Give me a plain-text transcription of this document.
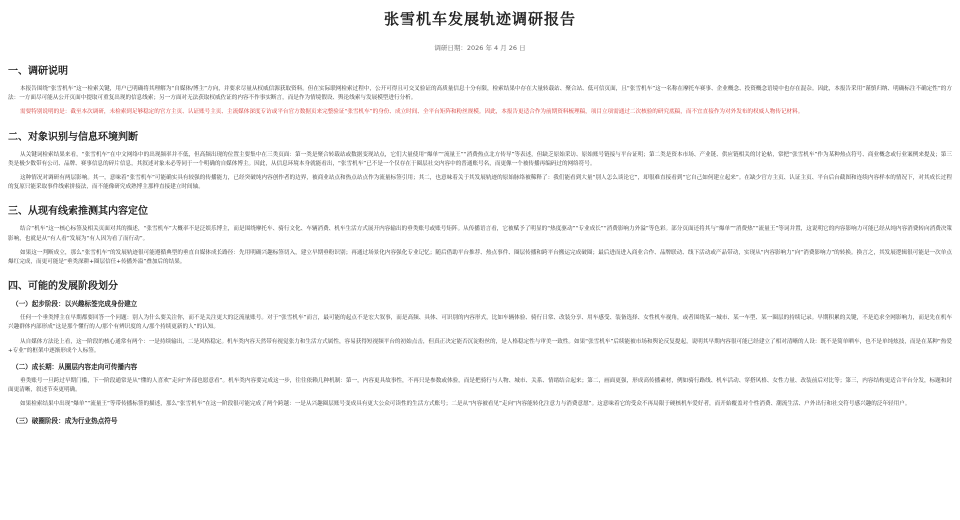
张雪机车发展轨迹调研报告
调研日期：2026 年 4 月 26 日
一、调研说明

本报告围绕“张雪机车”这一检索关键，用户已明确将其理解为“自媒体/博主”方向，并要求尽量从权威信源获取资料。但在实际联网检索过程中，公开可得且可交叉验证的高质量信息十分有限，检索结果中存在大量转载站、聚合站、低可信页面，且“张雪机车”这一名称在摩托车赛事、企业概念、投资概念语境中也存在混杂。因此，本报告采用“谨慎归纳、明确标注不确定性”的方法：一方面尽可能从公开页面中提取可重复出现的信息线索；另一方面对无法获取权威佐证的内容不作事实断言，而是作为情境假设、舆论线索与发展模型进行分析。

需要特别说明的是：截至本次调研，未检索到足够稳定的官方主页、认证账号主页、主流媒体深度专访或平台官方数据页来完整验证“张雪机车”的身份、成立时间、全平台矩阵和粉丝规模。因此，本报告更适合作为前期资料梳理稿，项目立项需通过二次核验的研究底稿，而不宜直接作为对外发布的权威人物传记材料。

二、对象识别与信息环境判断

从关键词检索结果来看，“张雪机车”在中文网络中的出现频率并不低，但高频出现的位置主要集中在三类页面：第一类是聚合转载站或数据变现站点，它们大量使用“爆单”“流量王”“消费热点北方传导”等表述，但缺乏原始采访、原始账号链接与平台证明；第二类是资本市场、产业链、供应链相关的讨论帖，常把“张雪机车”作为某种热点符号、商业概念或行业案例来提及；第三类是极少数带有公司、品牌、赛事信息的碎片信息，其叙述对象未必等同于一个明确的自媒体博主。因此，从信息环境本身就能看出，“张雪机车”已不是一个仅存在于圈层社交内容中的普通账号名，而更像一个被传播再编码过的网络符号。

这种情况对调研有两层影响。其一，意味着“张雪机车”可能确实具有较强的传播能力，已经突破纯内容创作者的边界，被商业站点和热点站点作为流量标签引用；其二，也意味着关于其发展轨迹的原始脉络被稀释了：我们能看到大量“别人怎么谈论它”，却很难直接看到“它自己如何建立起来”。在缺少官方主页、认证主页、平台后台截图和连续内容样本的情况下，对其成长过程的复原只能采取事件线索拼接法，而不能像研究成熟博主那样直接建立时间轴。

三、从现有线索推测其内容定位

结合“机车”这一核心标签及相关页面对其的描述，“张雪机车”大概率不是泛娱乐博主，而是围绕摩托车、骑行文化、车辆消费、机车生活方式展开内容输出的垂类账号或账号矩阵。从传播语言看，它被赋予了明显的“热度驱动”“专业成长”“消费影响力外溢”等色彩。部分页面还将其与“爆单”“消费热”“流量王”等词并置，这说明它的内容影响力可能已经从纯内容消费转向消费决策影响，也就是从“有人看”发展为“有人因为看了而行动”。

如果这一判断成立，那么“张雪机车”的发展轨迹很可能遵循典型的垂直自媒体成长路径：先用明确兴趣标签切入，建立早期垂粉识别；再通过场景化内容强化专业记忆；随后借助平台推荐、热点事件、圈层传播和跨平台搬运完成破圈；最后进而进入商业合作、品牌联动、线下活动或产品带动，实现从“内容影响力”向“消费影响力”的转换。换言之，其发展逻辑很可能是一次单点爆红完成，而更可能是“垂类深耕+圈层信任+传播外溢”叠加后的结果。

四、可能的发展阶段划分
（一）起步阶段：以兴趣标签完成身份建立

任何一个垂类博主在早期都要回答一个问题：别人为什么要关注你，而不是关注更大的泛流量账号。对于“张雪机车”而言，最可能的起点不是宏大叙事，而是高频、具体、可识别的内容形式，比如车辆体验、骑行日常、改装分享、用车感受、装备选择、女性机车视角，或者围绕某一城市、某一车型、某一圈层的持续记录。早期积累的关键，不是追求全网影响力，而是先在机车兴趣群体内部形成“这是那个懂行的人/那个有辨识度的人/那个持续更新的人”的认知。

从自媒体方法论上看，这一阶段的核心通常有两个：一是持续输出，二是风格稳定。机车类内容天然带有视觉张力和生活方式属性，容易获得短视频平台的初始点击，但真正决定能否沉淀粉丝的，是人格稳定性与审美一致性。如果“张雪机车”后续能被市场和舆论反复提起，说明其早期内容很可能已经建立了相对清晰的人设：既不是简单晒车，也不是单纯炫技，而是在某种“热爱+专业”的框架中逐渐形成个人标签。

（二）成长期：从圈层内容走向可传播内容

垂类账号一旦跨过早期门槛，下一阶段通常是从“懂的人喜欢”走向“外部也愿意看”。机车类内容要完成这一步，往往依赖几种机制：第一，内容更具故事性，不再只是参数或体验，而是把骑行与人物、城市、关系、情绪结合起来；第二，画面更强，形成高传播素材，例如骑行路线、机车活动、穿搭风格、女性力量、改装前后对比等；第三，内容结构更适合平台分发，标题和封面更清晰，叙述节奏更明确。

如果检索结果中出现“爆单”“流量王”等带传播标签的描述，那么“张雪机车”在这一阶段很可能完成了两个跨越：一是从兴趣圈层账号变成具有更大公众可读性的生活方式账号；二是从“内容被看见”走向“内容能转化注意力与消费意愿”。这意味着它的受众不再局限于硬核机车爱好者，而开始覆盖对个性消费、潮流生活、户外出行和社交符号感兴趣的泛年轻用户。

（三）破圈阶段：成为行业热点符号
